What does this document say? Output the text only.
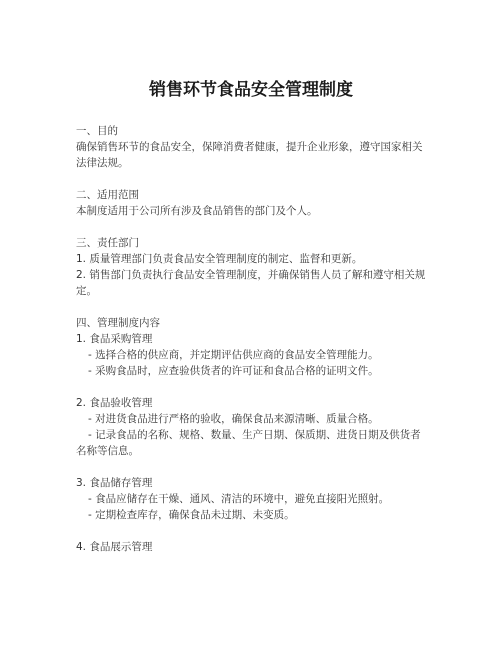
销售环节食品安全管理制度

一、目的

确保销售环节的食品安全，保障消费者健康，提升企业形象，遵守国家相关法律法规。

二、适用范围

本制度适用于公司所有涉及食品销售的部门及个人。

三、责任部门

1. 质量管理部门负责食品安全管理制度的制定、监督和更新。

2. 销售部门负责执行食品安全管理制度，并确保销售人员了解和遵守相关规定。

四、管理制度内容

1. 食品采购管理

- 选择合格的供应商，并定期评估供应商的食品安全管理能力。

- 采购食品时，应查验供货者的许可证和食品合格的证明文件。

2. 食品验收管理

- 对进货食品进行严格的验收，确保食品来源清晰、质量合格。

- 记录食品的名称、规格、数量、生产日期、保质期、进货日期及供货者名称等信息。

3. 食品储存管理

- 食品应储存在干燥、通风、清洁的环境中，避免直接阳光照射。

- 定期检查库存，确保食品未过期、未变质。

4. 食品展示管理
